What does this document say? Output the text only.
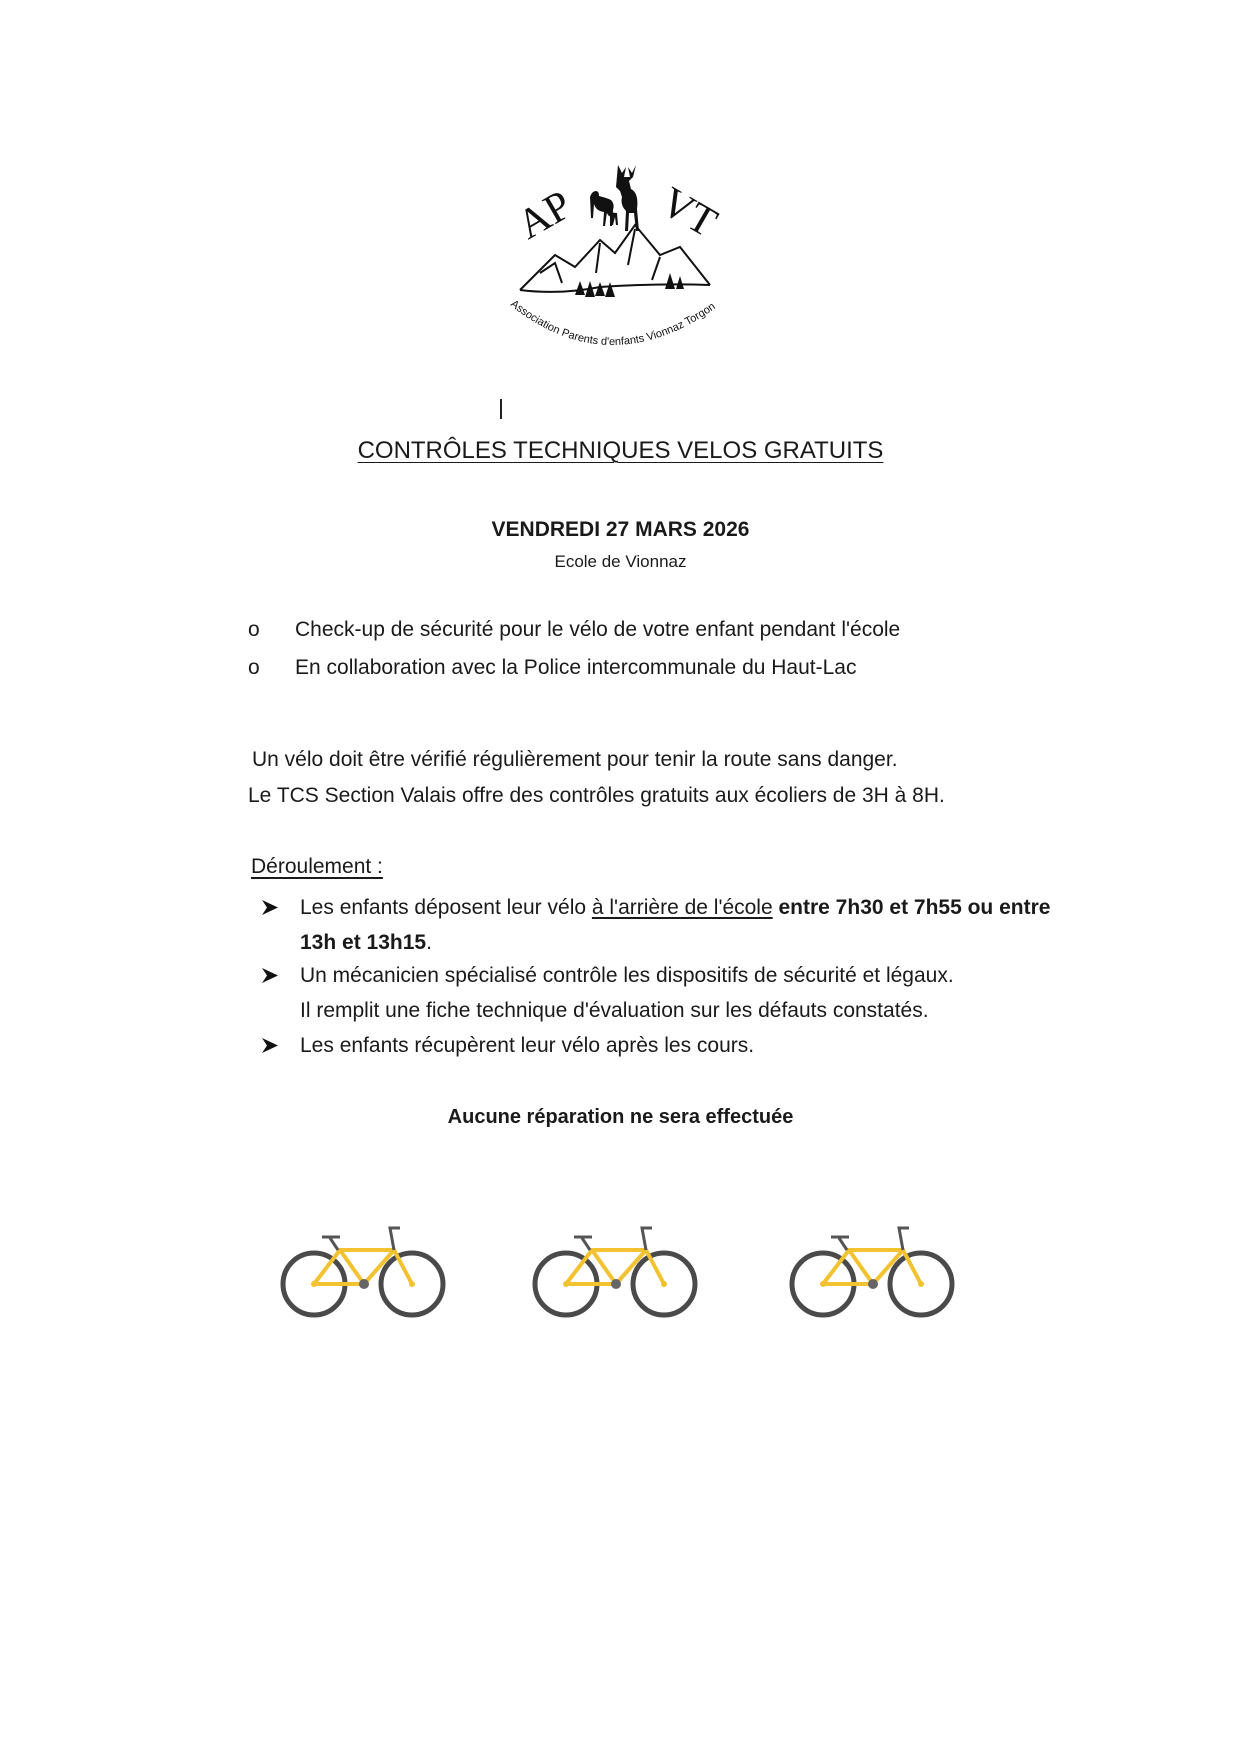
AP VT
Association Parents d'enfants Vionnaz Torgon
CONTRÔLES TECHNIQUES VELOS GRATUITS
VENDREDI 27 MARS 2026
Ecole de Vionnaz
o Check-up de sécurité pour le vélo de votre enfant pendant l'école
o En collaboration avec la Police intercommunale du Haut-Lac
Un vélo doit être vérifié régulièrement pour tenir la route sans danger.
Le TCS Section Valais offre des contrôles gratuits aux écoliers de 3H à 8H.
Déroulement :
Les enfants déposent leur vélo à l'arrière de l'école entre 7h30 et 7h55 ou entre 13h et 13h15.
Un mécanicien spécialisé contrôle les dispositifs de sécurité et légaux.
Il remplit une fiche technique d'évaluation sur les défauts constatés.
Les enfants récupèrent leur vélo après les cours.
Aucune réparation ne sera effectuée
